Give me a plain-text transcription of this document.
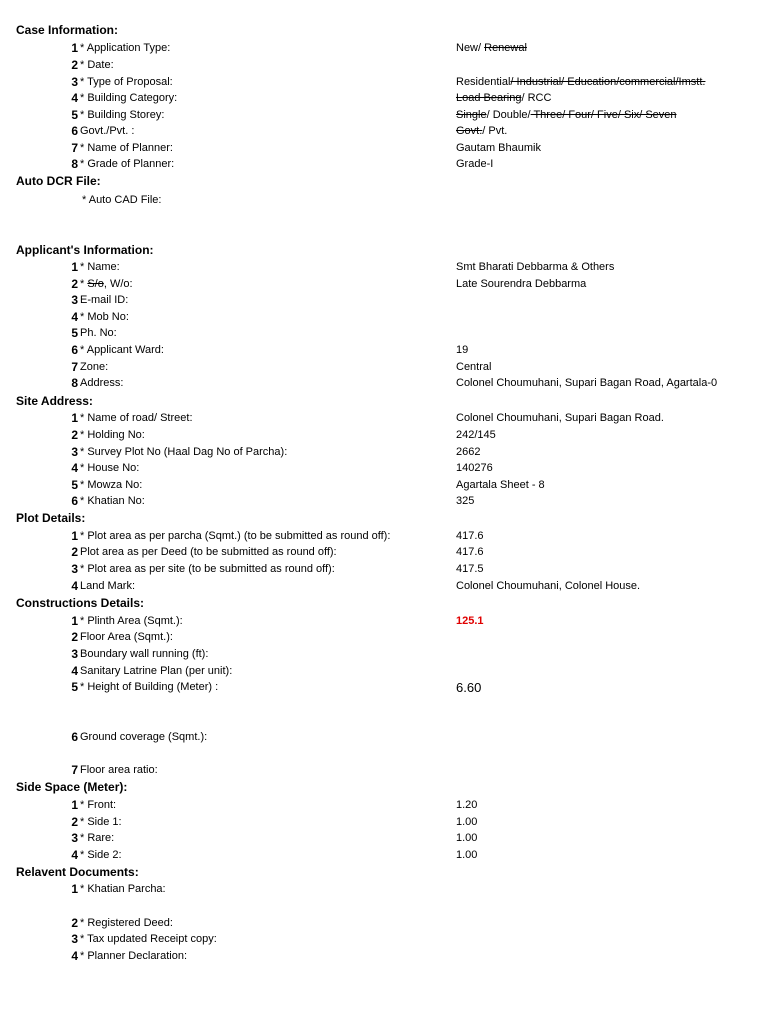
Case Information:
1 * Application Type:	New/ Renewal
2 * Date:
3 * Type of Proposal:	Residential/ Industrial/ Education/commercial/Imstt.
4 * Building Category:	Load Bearing/ RCC
5 * Building Storey:	Single/ Double/ Three/ Four/ Five/ Six/ Seven
6 Govt./Pvt. :	Govt./ Pvt.
7 * Name of Planner:	Gautam Bhaumik
8 * Grade of Planner:	Grade-I
Auto DCR File:
* Auto CAD File:
Applicant's Information:
1 * Name:	Smt Bharati Debbarma & Others
2 * S/o, W/o:	Late Sourendra Debbarma
3 E-mail ID:
4 * Mob No:
5 Ph. No:
6 * Applicant Ward:	19
7 Zone:	Central
8 Address:	Colonel Choumuhani, Supari Bagan Road, Agartala-0
Site Address:
1 * Name of road/ Street:	Colonel Choumuhani, Supari Bagan Road.
2 * Holding No:	242/145
3 * Survey Plot No (Haal Dag No of Parcha):	2662
4 * House No:	140276
5 * Mowza No:	Agartala Sheet - 8
6 * Khatian No:	325
Plot Details:
1 * Plot area as per parcha (Sqmt.) (to be submitted as round off):	417.6
2 Plot area as per Deed (to be submitted as round off):	417.6
3 * Plot area as per site (to be submitted as round off):	417.5
4 Land Mark:	Colonel Choumuhani, Colonel House.
Constructions Details:
1 * Plinth Area (Sqmt.):	125.1
2 Floor Area (Sqmt.):
3 Boundary wall running (ft):
4 Sanitary Latrine Plan (per unit):
5 * Height of Building (Meter) :	6.60
6 Ground coverage (Sqmt.):
7 Floor area ratio:
Side Space (Meter):
1 * Front:	1.20
2 * Side 1:	1.00
3 * Rare:	1.00
4 * Side 2:	1.00
Relavent Documents:
1 * Khatian Parcha:
2 * Registered Deed:
3 * Tax updated Receipt copy:
4 * Planner Declaration:
